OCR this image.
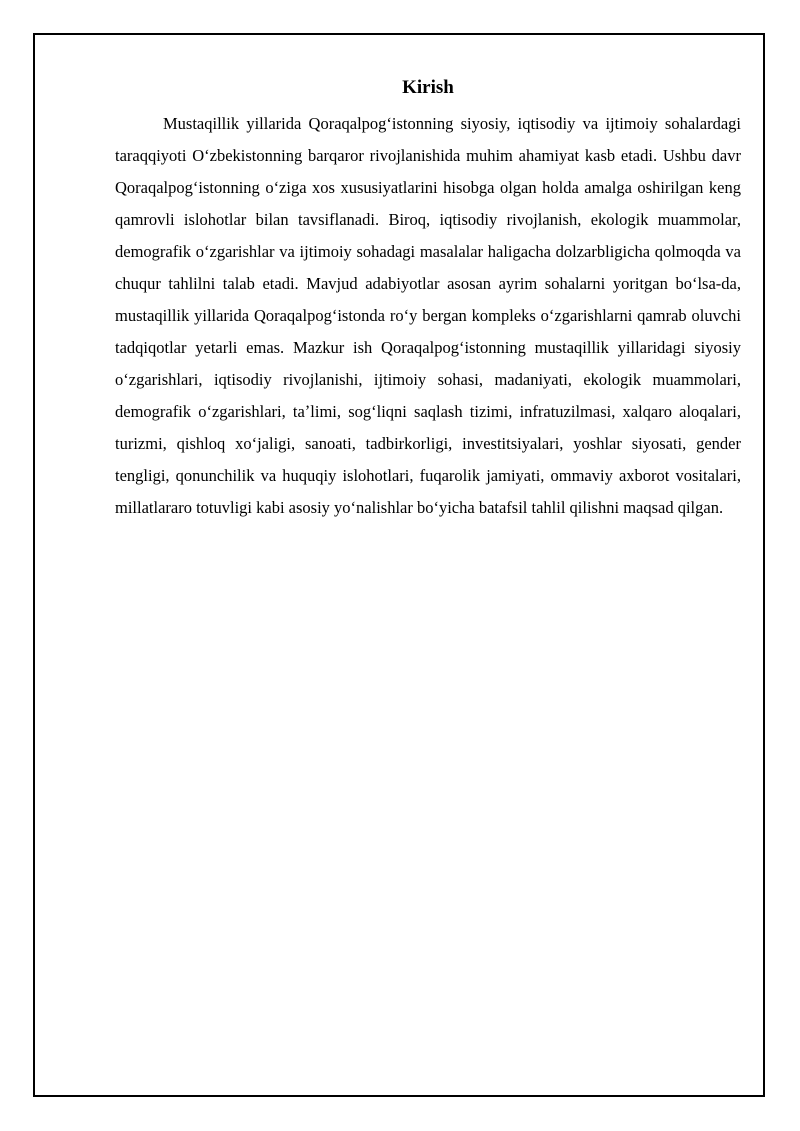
Kirish

Mustaqillik yillarida Qoraqalpogʻistonning siyosiy, iqtisodiy va ijtimoiy sohalardagi taraqqiyoti Oʻzbekistonning barqaror rivojlanishida muhim ahamiyat kasb etadi. Ushbu davr Qoraqalpogʻistonning oʻziga xos xususiyatlarini hisobga olgan holda amalga oshirilgan keng qamrovli islohotlar bilan tavsiflanadi. Biroq, iqtisodiy rivojlanish, ekologik muammolar, demografik oʻzgarishlar va ijtimoiy sohadagi masalalar haligacha dolzarbligicha qolmoqda va chuqur tahlilni talab etadi. Mavjud adabiyotlar asosan ayrim sohalarni yoritgan boʻlsa-da, mustaqillik yillarida Qoraqalpogʻistonda roʻy bergan kompleks oʻzgarishlarni qamrab oluvchi tadqiqotlar yetarli emas. Mazkur ish Qoraqalpogʻistonning mustaqillik yillaridagi siyosiy oʻzgarishlari, iqtisodiy rivojlanishi, ijtimoiy sohasi, madaniyati, ekologik muammolari, demografik oʻzgarishlari, taʼlimi, sogʻliqni saqlash tizimi, infratuzilmasi, xalqaro aloqalari, turizmi, qishloq xoʻjaligi, sanoati, tadbirkorligi, investitsiyalari, yoshlar siyosati, gender tengligi, qonunchilik va huquqiy islohotlari, fuqarolik jamiyati, ommaviy axborot vositalari, millatlararo totuvligi kabi asosiy yoʻnalishlar boʻyicha batafsil tahlil qilishni maqsad qilgan.
